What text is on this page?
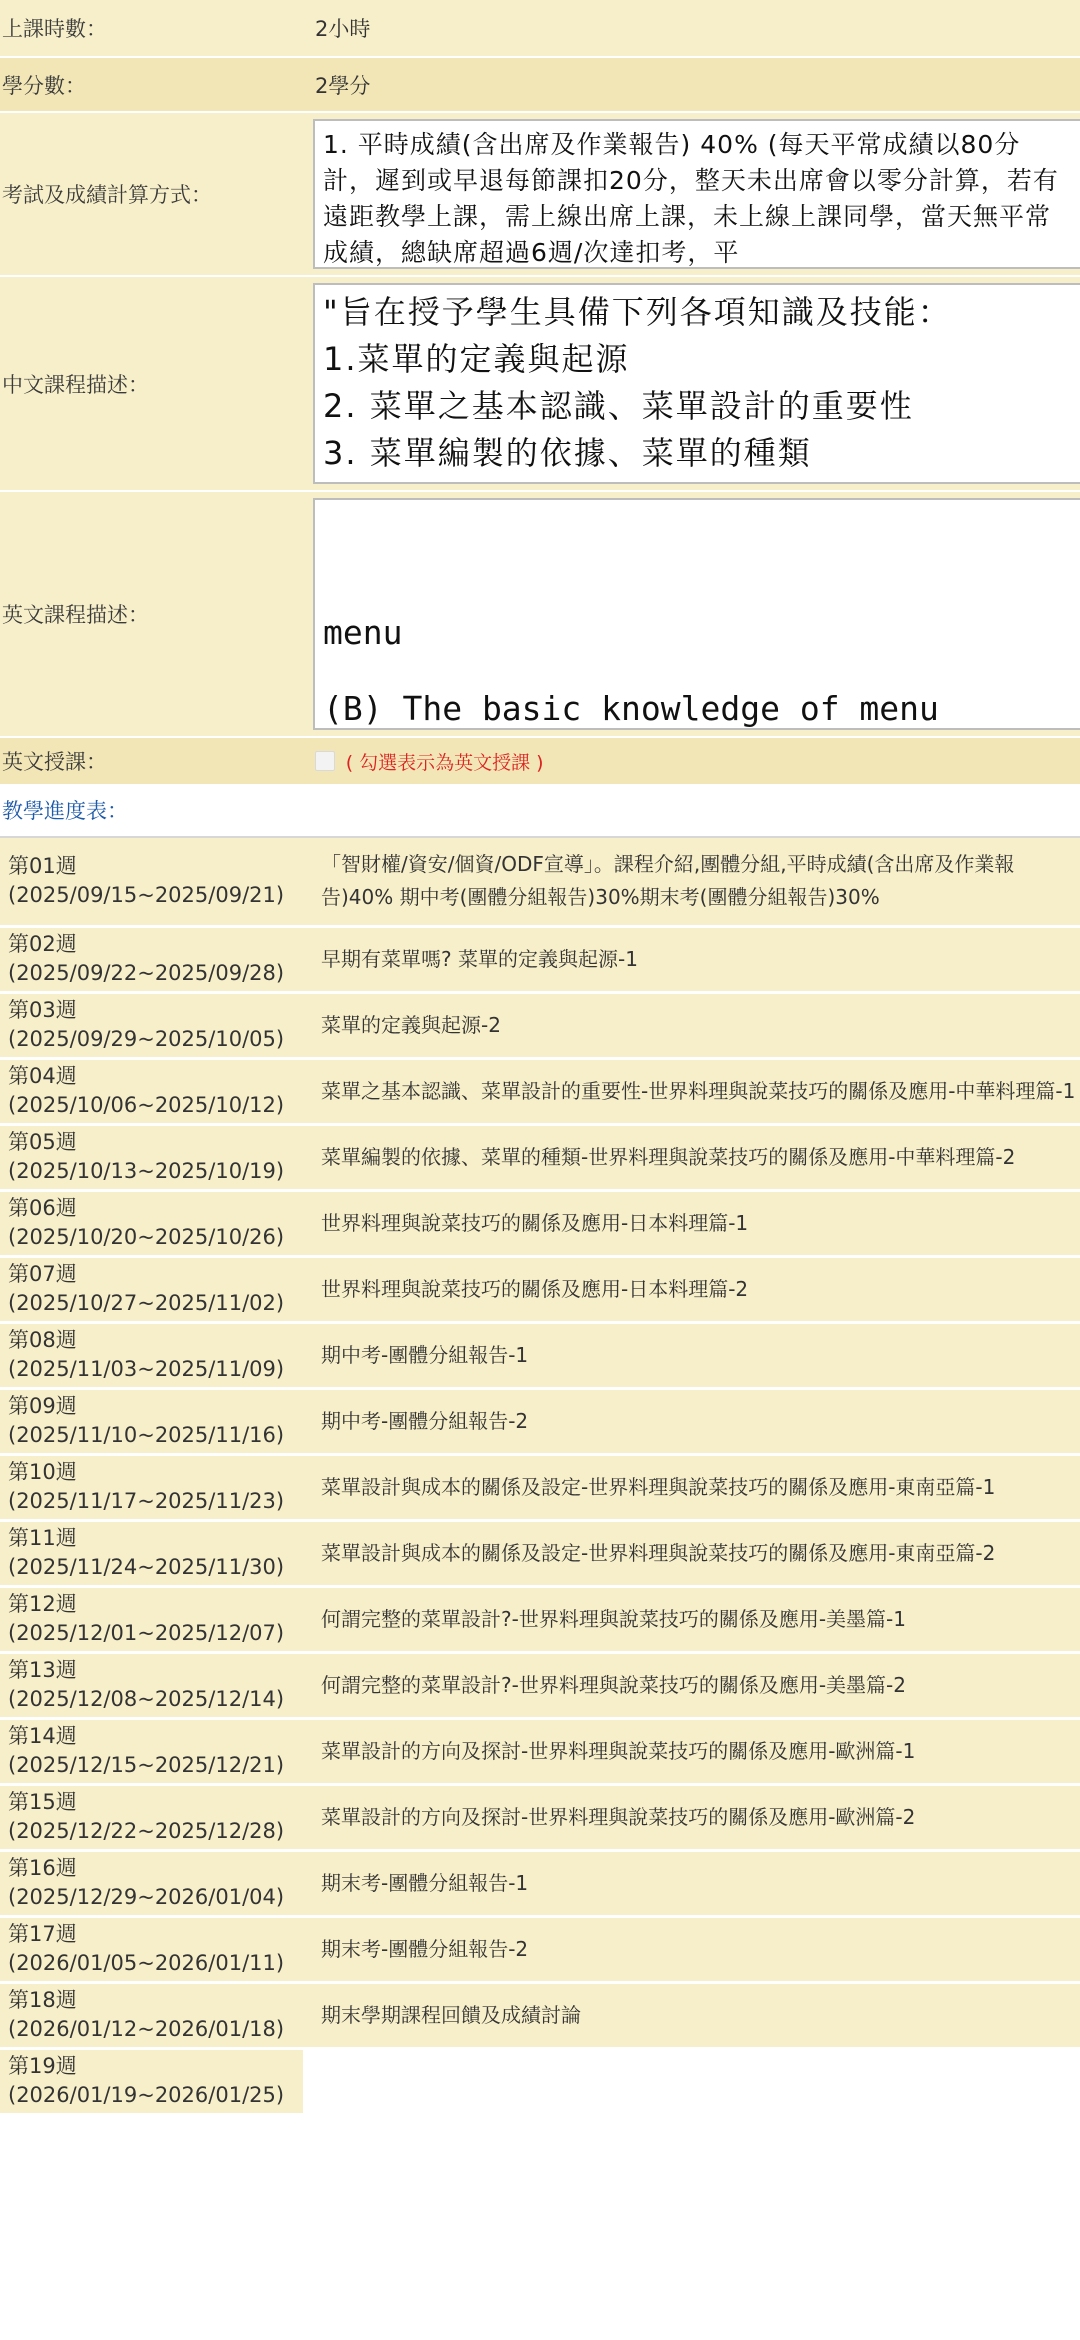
上課時數：	2小時
學分數：	2學分
考試及成績計算方式：	1. 平時成績(含出席及作業報告) 40% (每天平常成績以80分計，遲到或早退每節課扣20分，整天未出席會以零分計算，若有遠距教學上課，需上線出席上課，未上線上課同學，當天無平常成績，總缺席超過6週/次達扣考，平

中文課程描述：	"旨在授予學生具備下列各項知識及技能：
1.菜單的定義與起源
2. 菜單之基本認識、菜單設計的重要性
3. 菜單編製的依據、菜單的種類

英文課程描述：	menu

(B) The basic knowledge of menu

英文授課：	( 勾選表示為英文授課 )
教學進度表：
第01週
(2025/09/15~2025/09/21)	「智財權/資安/個資/ODF宣導」。課程介紹,團體分組,平時成績(含出席及作業報告)40% 期中考(團體分組報告)30%期末考(團體分組報告)30%

第02週
(2025/09/22~2025/09/28)	早期有菜單嗎? 菜單的定義與起源-1

第03週
(2025/09/29~2025/10/05)	菜單的定義與起源-2

第04週
(2025/10/06~2025/10/12)	菜單之基本認識、菜單設計的重要性-世界料理與說菜技巧的關係及應用-中華料理篇-1

第05週
(2025/10/13~2025/10/19)	菜單編製的依據、菜單的種類-世界料理與說菜技巧的關係及應用-中華料理篇-2

第06週
(2025/10/20~2025/10/26)	世界料理與說菜技巧的關係及應用-日本料理篇-1

第07週
(2025/10/27~2025/11/02)	世界料理與說菜技巧的關係及應用-日本料理篇-2

第08週
(2025/11/03~2025/11/09)	期中考-團體分組報告-1

第09週
(2025/11/10~2025/11/16)	期中考-團體分組報告-2

第10週
(2025/11/17~2025/11/23)	菜單設計與成本的關係及設定-世界料理與說菜技巧的關係及應用-東南亞篇-1

第11週
(2025/11/24~2025/11/30)	菜單設計與成本的關係及設定-世界料理與說菜技巧的關係及應用-東南亞篇-2

第12週
(2025/12/01~2025/12/07)	何謂完整的菜單設計?-世界料理與說菜技巧的關係及應用-美墨篇-1

第13週
(2025/12/08~2025/12/14)	何謂完整的菜單設計?-世界料理與說菜技巧的關係及應用-美墨篇-2

第14週
(2025/12/15~2025/12/21)	菜單設計的方向及探討-世界料理與說菜技巧的關係及應用-歐洲篇-1

第15週
(2025/12/22~2025/12/28)	菜單設計的方向及探討-世界料理與說菜技巧的關係及應用-歐洲篇-2

第16週
(2025/12/29~2026/01/04)	期末考-團體分組報告-1

第17週
(2026/01/05~2026/01/11)	期末考-團體分組報告-2

第18週
(2026/01/12~2026/01/18)	期末學期課程回饋及成績討論

第19週
(2026/01/19~2026/01/25)	
